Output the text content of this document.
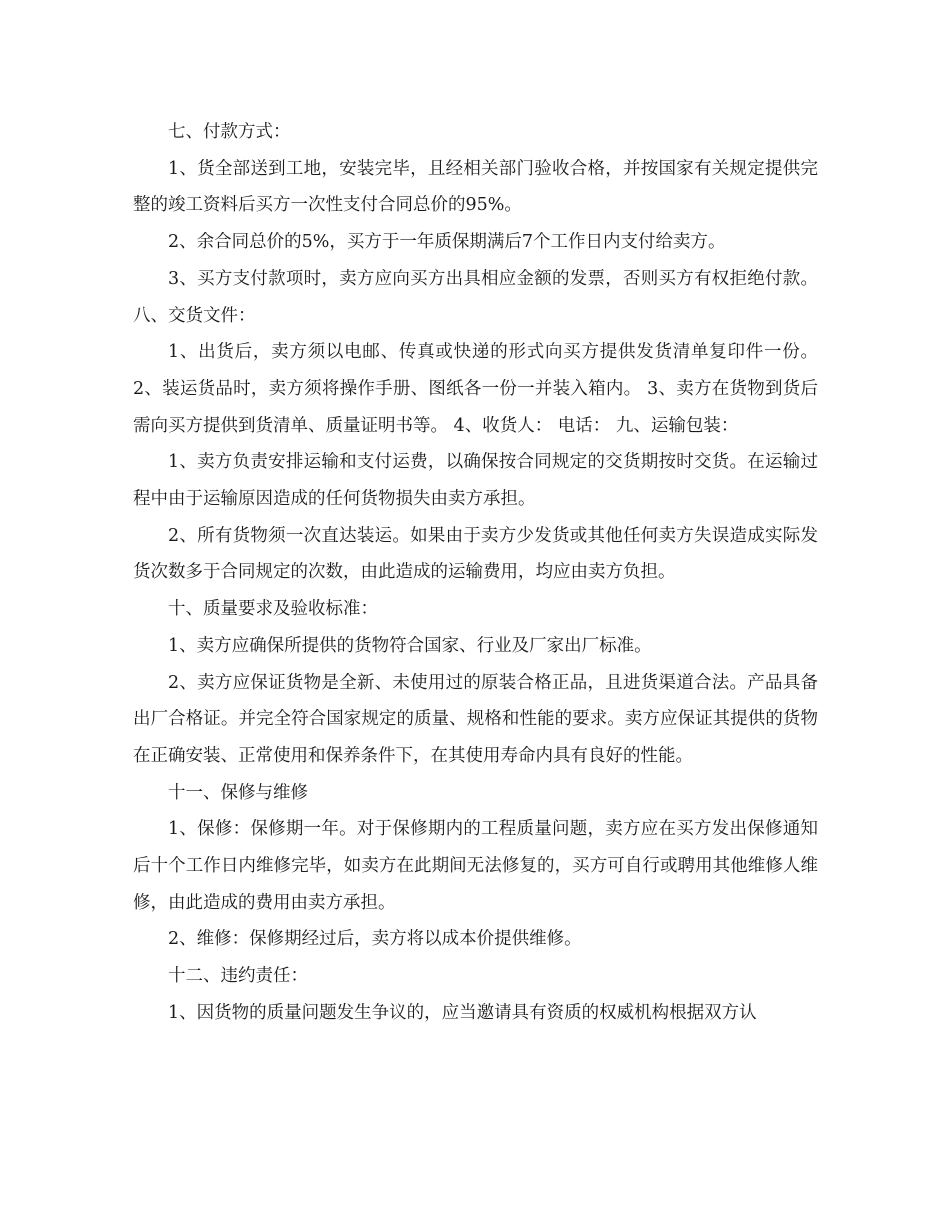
七、付款方式：

1、货全部送到工地，安装完毕，且经相关部门验收合格，并按国家有关规定提供完整的竣工资料后买方一次性支付合同总价的95%。

2、余合同总价的5%，买方于一年质保期满后7个工作日内支付给卖方。

3、买方支付款项时，卖方应向买方出具相应金额的发票，否则买方有权拒绝付款。 八、交货文件：

1、出货后，卖方须以电邮、传真或快递的形式向买方提供发货清单复印件一份。 2、装运货品时，卖方须将操作手册、图纸各一份一并装入箱内。 3、卖方在货物到货后需向买方提供到货清单、质量证明书等。 4、收货人： 电话： 九、运输包装：

1、卖方负责安排运输和支付运费，以确保按合同规定的交货期按时交货。在运输过程中由于运输原因造成的任何货物损失由卖方承担。

2、所有货物须一次直达装运。如果由于卖方少发货或其他任何卖方失误造成实际发货次数多于合同规定的次数，由此造成的运输费用，均应由卖方负担。

十、质量要求及验收标准：

1、卖方应确保所提供的货物符合国家、行业及厂家出厂标准。

2、卖方应保证货物是全新、未使用过的原装合格正品，且进货渠道合法。产品具备出厂合格证。并完全符合国家规定的质量、规格和性能的要求。卖方应保证其提供的货物在正确安装、正常使用和保养条件下，在其使用寿命内具有良好的性能。

十一、保修与维修

1、保修：保修期一年。对于保修期内的工程质量问题，卖方应在买方发出保修通知后十个工作日内维修完毕，如卖方在此期间无法修复的，买方可自行或聘用其他维修人维修，由此造成的费用由卖方承担。

2、维修：保修期经过后，卖方将以成本价提供维修。

十二、违约责任：

1、因货物的质量问题发生争议的，应当邀请具有资质的权威机构根据双方认
